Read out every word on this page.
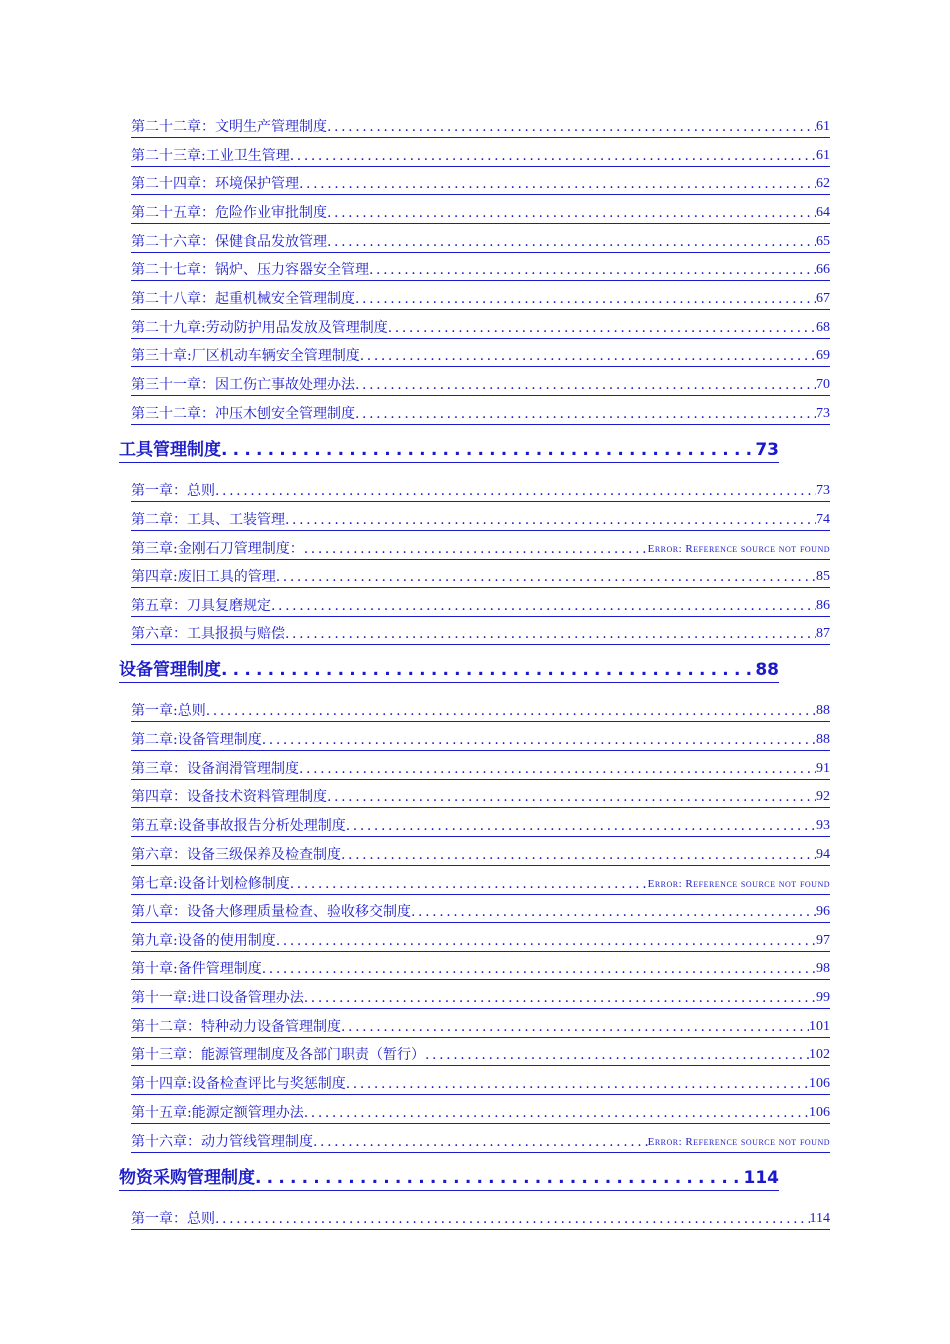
第二十二章：文明生产管理制度 .....	61
第二十三章:工业卫生管理 .....	61
第二十四章：环境保护管理 .....	62
第二十五章：危险作业审批制度 .....	64
第二十六章：保健食品发放管理 .....	65
第二十七章：锅炉、压力容器安全管理 .....	66
第二十八章：起重机械安全管理制度 .....	67
第二十九章:劳动防护用品发放及管理制度 .....	68
第三十章:厂区机动车辆安全管理制度 .....	69
第三十一章：因工伤亡事故处理办法 .....	70
第三十二章：冲压木刨安全管理制度 .....	73
工具管理制度 .....	73
第一章：总则 .....	73
第二章：工具、工装管理 .....	74
第三章:金刚石刀管理制度： .....	Error: Reference source not found
第四章:废旧工具的管理 .....	85
第五章：刀具复磨规定 .....	86
第六章：工具报损与赔偿 .....	87
设备管理制度 .....	88
第一章:总则 .....	88
第二章:设备管理制度 .....	88
第三章：设备润滑管理制度 .....	91
第四章：设备技术资料管理制度 .....	92
第五章:设备事故报告分析处理制度 .....	93
第六章：设备三级保养及检查制度 .....	94
第七章:设备计划检修制度 .....	Error: Reference source not found
第八章：设备大修理质量检查、验收移交制度 .....	96
第九章:设备的使用制度 .....	97
第十章:备件管理制度 .....	98
第十一章:进口设备管理办法 .....	99
第十二章：特种动力设备管理制度 .....	101
第十三章：能源管理制度及各部门职责（暂行） .....	102
第十四章:设备检查评比与奖惩制度 .....	106
第十五章:能源定额管理办法 .....	106
第十六章：动力管线管理制度 .....	Error: Reference source not found
物资采购管理制度 .....	114
第一章：总则 .....	114
